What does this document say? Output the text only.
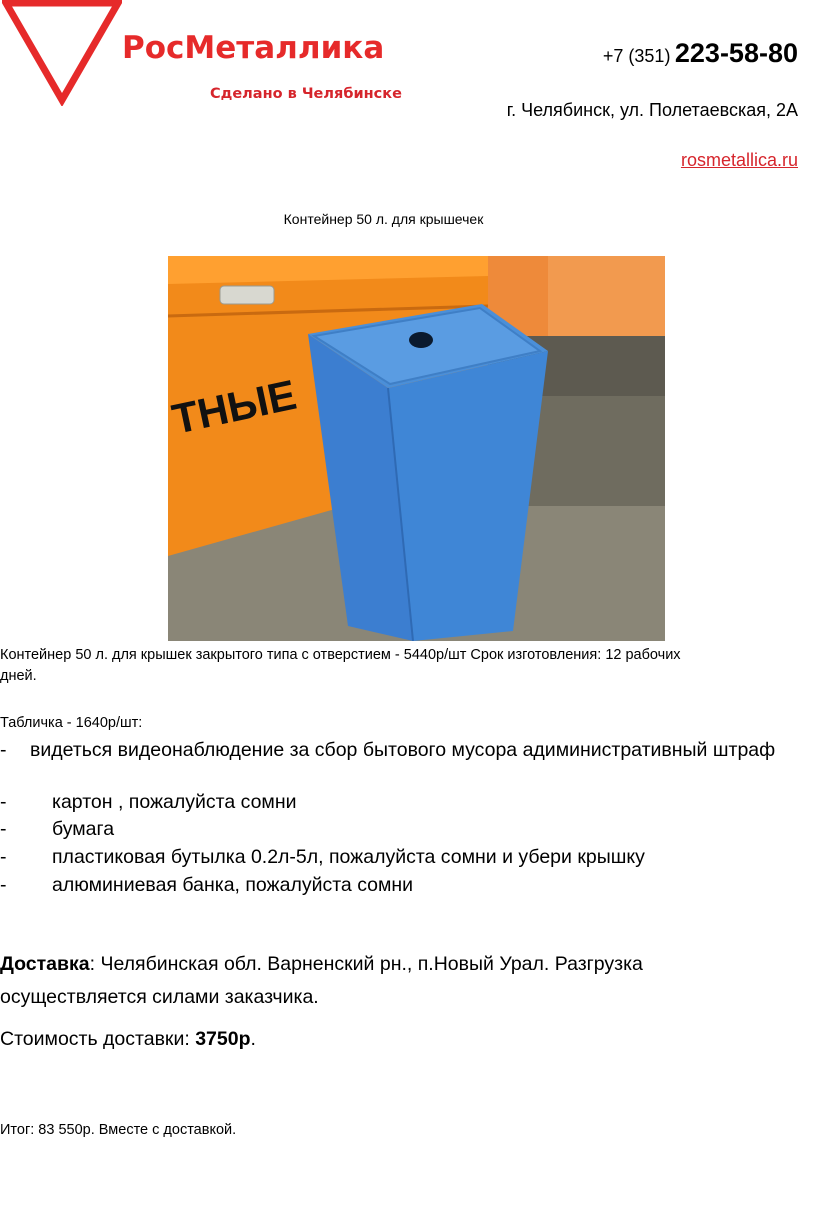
РосМеталлика
Сделано в Челябинске
+7 (351) 223-58-80
г. Челябинск, ул. Полетаевская, 2А
rosmetallica.ru
Контейнер 50 л. для крышечек
ТНЫЕ
Контейнер 50 л. для крышек закрытого типа с отверстием - 5440р/шт Срок изготовления: 12 рабочих дней.
Табличка - 1640р/шт:
- видеться видеонаблюдение за сбор бытового мусора адиминистративный штраф
- картон , пожалуйста сомни
- бумага
- пластиковая бутылка 0.2л-5л, пожалуйста сомни и убери крышку
- алюминиевая банка, пожалуйста сомни
Доставка: Челябинская обл. Варненский рн., п.Новый Урал. Разгрузка осуществляется силами заказчика.
Стоимость доставки: 3750р.
Итог: 83 550р. Вместе с доставкой.
